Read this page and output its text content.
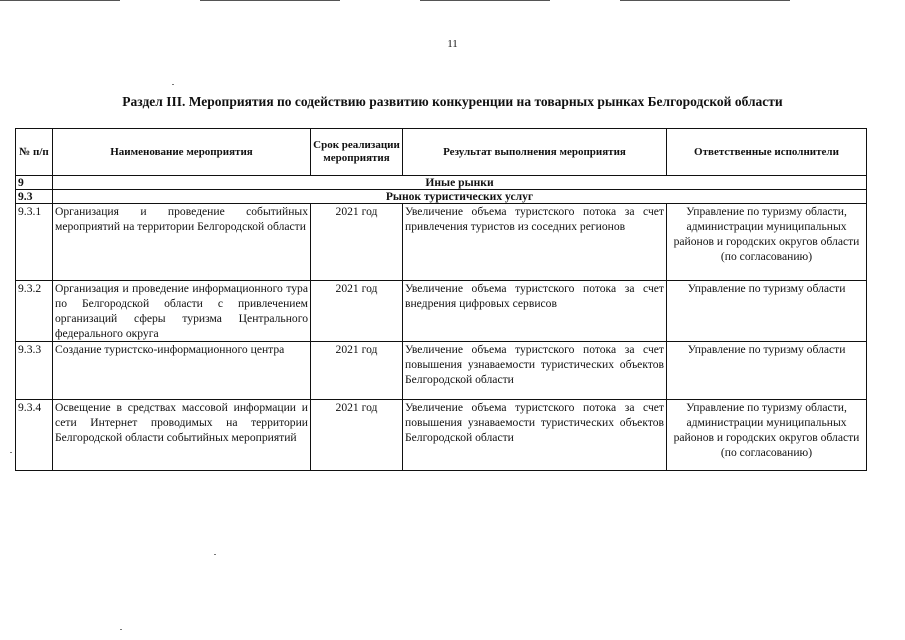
11
Раздел III. Мероприятия по содействию развитию конкуренции на товарных рынках Белгородской области
№ п/п	Наименование мероприятия	Срок реализации мероприятия	Результат выполнения мероприятия	Ответственные исполнители
9	Иные рынки			
9.3	Рынок туристических услуг			
9.3.1	Организация и проведение событийных мероприятий на территории Белгородской области	2021 год	Увеличение объема туристского потока за счет привлечения туристов из соседних регионов	Управление по туризму области, администрации муниципальных районов и городских округов области (по согласованию)
9.3.2	Организация и проведение информационного тура по Белгородской области с привлечением организаций сферы туризма Центрального федерального округа	2021 год	Увеличение объема туристского потока за счет внедрения цифровых сервисов	Управление по туризму области
9.3.3	Создание туристско-информационного центра	2021 год	Увеличение объема туристского потока за счет повышения узнаваемости туристических объектов Белгородской области	Управление по туризму области
9.3.4	Освещение в средствах массовой информации и сети Интернет проводимых на территории Белгородской области событийных мероприятий	2021 год	Увеличение объема туристского потока за счет повышения узнаваемости туристических объектов Белгородской области	Управление по туризму области, администрации муниципальных районов и городских округов области (по согласованию)
